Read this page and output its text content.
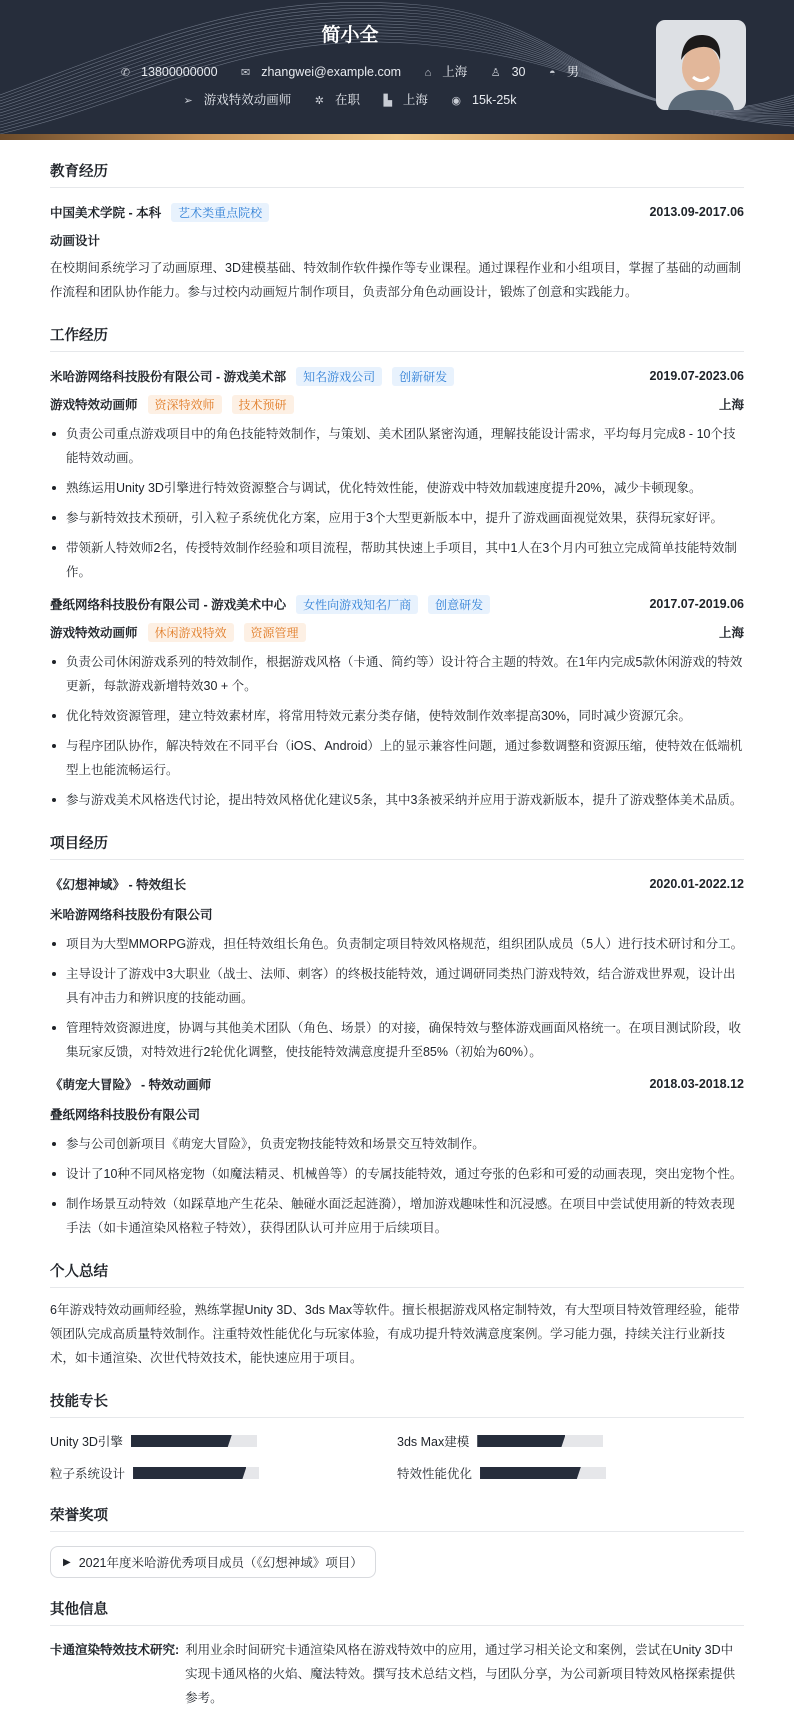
简小全
✆ 13800000000 ✉ zhangwei@example.com ⌂ 上海 ♙ 30 ◓ 男
➢ 游戏特效动画师 ✲ 在职 ▙ 上海 ◉ 15k-25k
教育经历
中国美术学院 - 本科	艺术类重点院校	2013.09-2017.06
动画设计

在校期间系统学习了动画原理、3D建模基础、特效制作软件操作等专业课程。通过课程作业和小组项目，掌握了基础的动画制作流程和团队协作能力。参与过校内动画短片制作项目，负责部分角色动画设计，锻炼了创意和实践能力。

工作经历
米哈游网络科技股份有限公司 - 游戏美术部	知名游戏公司	创新研发	2019.07-2023.06
游戏特效动画师	资深特效师	技术预研	上海
负责公司重点游戏项目中的角色技能特效制作，与策划、美术团队紧密沟通，理解技能设计需求，平均每月完成8 - 10个技能特效动画。
熟练运用Unity 3D引擎进行特效资源整合与调试，优化特效性能，使游戏中特效加载速度提升20%，减少卡顿现象。
参与新特效技术预研，引入粒子系统优化方案，应用于3个大型更新版本中，提升了游戏画面视觉效果，获得玩家好评。
带领新人特效师2名，传授特效制作经验和项目流程，帮助其快速上手项目，其中1人在3个月内可独立完成简单技能特效制作。
叠纸网络科技股份有限公司 - 游戏美术中心	女性向游戏知名厂商	创意研发	2017.07-2019.06
游戏特效动画师	休闲游戏特效	资源管理	上海
负责公司休闲游戏系列的特效制作，根据游戏风格（卡通、简约等）设计符合主题的特效。在1年内完成5款休闲游戏的特效更新，每款游戏新增特效30 + 个。
优化特效资源管理，建立特效素材库，将常用特效元素分类存储，使特效制作效率提高30%，同时减少资源冗余。
与程序团队协作，解决特效在不同平台（iOS、Android）上的显示兼容性问题，通过参数调整和资源压缩，使特效在低端机型上也能流畅运行。
参与游戏美术风格迭代讨论，提出特效风格优化建议5条，其中3条被采纳并应用于游戏新版本，提升了游戏整体美术品质。
项目经历
《幻想神域》 - 特效组长	2020.01-2022.12
米哈游网络科技股份有限公司
项目为大型MMORPG游戏，担任特效组长角色。负责制定项目特效风格规范，组织团队成员（5人）进行技术研讨和分工。
主导设计了游戏中3大职业（战士、法师、刺客）的终极技能特效，通过调研同类热门游戏特效，结合游戏世界观，设计出具有冲击力和辨识度的技能动画。
管理特效资源进度，协调与其他美术团队（角色、场景）的对接，确保特效与整体游戏画面风格统一。在项目测试阶段，收集玩家反馈，对特效进行2轮优化调整，使技能特效满意度提升至85%（初始为60%）。
《萌宠大冒险》 - 特效动画师	2018.03-2018.12
叠纸网络科技股份有限公司
参与公司创新项目《萌宠大冒险》，负责宠物技能特效和场景交互特效制作。
设计了10种不同风格宠物（如魔法精灵、机械兽等）的专属技能特效，通过夸张的色彩和可爱的动画表现，突出宠物个性。
制作场景互动特效（如踩草地产生花朵、触碰水面泛起涟漪），增加游戏趣味性和沉浸感。在项目中尝试使用新的特效表现手法（如卡通渲染风格粒子特效），获得团队认可并应用于后续项目。
个人总结

6年游戏特效动画师经验，熟练掌握Unity 3D、3ds Max等软件。擅长根据游戏风格定制特效，有大型项目特效管理经验，能带领团队完成高质量特效制作。注重特效性能优化与玩家体验，有成功提升特效满意度案例。学习能力强，持续关注行业新技术，如卡通渲染、次世代特效技术，能快速应用于项目。

技能专长
Unity 3D引擎	3ds Max建模
粒子系统设计	特效性能优化
荣誉奖项
▶ 2021年度米哈游优秀项目成员（《幻想神域》项目）
其他信息
卡通渲染特效技术研究: 利用业余时间研究卡通渲染风格在游戏特效中的应用，通过学习相关论文和案例，尝试在Unity 3D中实现卡通风格的火焰、魔法特效。撰写技术总结文档，与团队分享，为公司新项目特效风格探索提供参考。
